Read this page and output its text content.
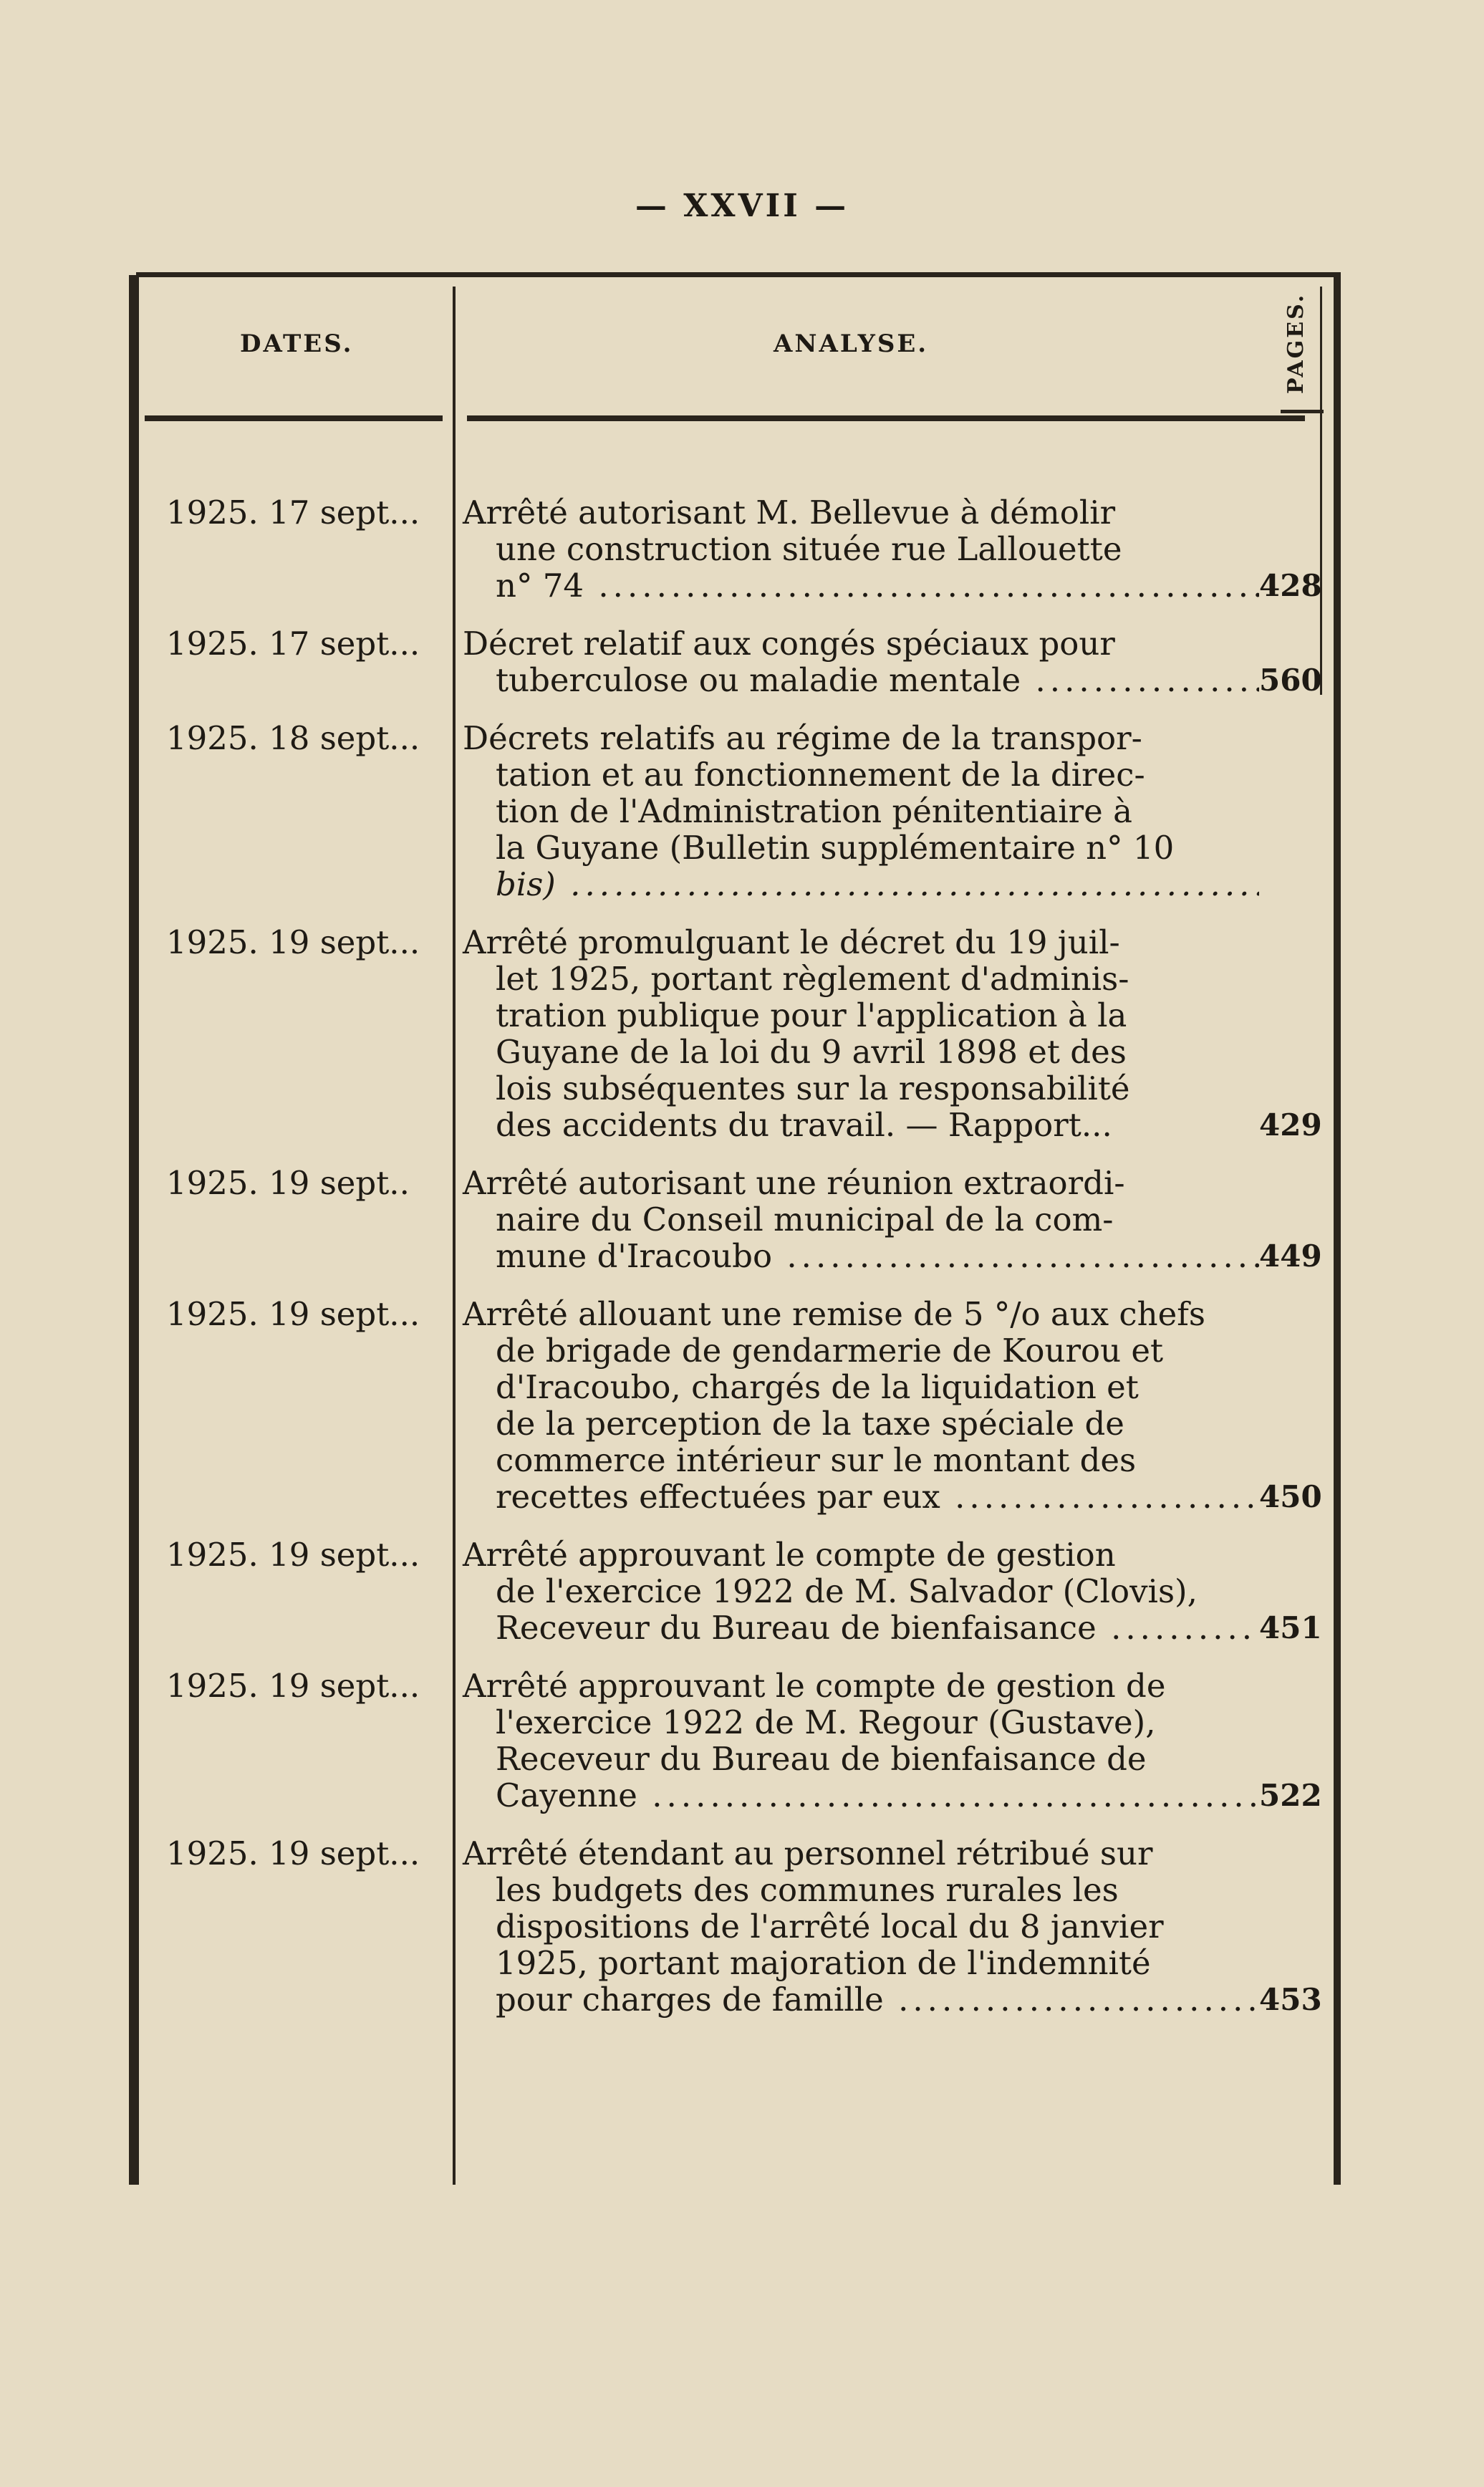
— XXVII —
DATES.	ANALYSE.	PAGES.
1925. 17 sept...	Arrêté autorisant M. Bellevue à démolir
une construction située rue Lallouette
n° 74 .....	428
1925. 17 sept...	Décret relatif aux congés spéciaux pour
tuberculose ou maladie mentale .....	560
1925. 18 sept...	Décrets relatifs au régime de la transpor-
tation et au fonctionnement de la direc-
tion de l'Administration pénitentiaire à
la Guyane (Bulletin supplémentaire n° 10
bis) .....
1925. 19 sept...	Arrêté promulguant le décret du 19 juil-
let 1925, portant règlement d'adminis-
tration publique pour l'application à la
Guyane de la loi du 9 avril 1898 et des
lois subséquentes sur la responsabilité
des accidents du travail. — Rapport...	429
1925. 19 sept..	Arrêté autorisant une réunion extraordi-
naire du Conseil municipal de la com-
mune d'Iracoubo .....	449
1925. 19 sept...	Arrêté allouant une remise de 5 °/o aux chefs
de brigade de gendarmerie de Kourou et
d'Iracoubo, chargés de la liquidation et
de la perception de la taxe spéciale de
commerce intérieur sur le montant des
recettes effectuées par eux .....	450
1925. 19 sept...	Arrêté approuvant le compte de gestion
de l'exercice 1922 de M. Salvador (Clovis),
Receveur du Bureau de bienfaisance .....	451
1925. 19 sept...	Arrêté approuvant le compte de gestion de
l'exercice 1922 de M. Regour (Gustave),
Receveur du Bureau de bienfaisance de
Cayenne .....	522
1925. 19 sept...	Arrêté étendant au personnel rétribué sur
les budgets des communes rurales les
dispositions de l'arrêté local du 8 janvier
1925, portant majoration de l'indemnité
pour charges de famille .....	453
